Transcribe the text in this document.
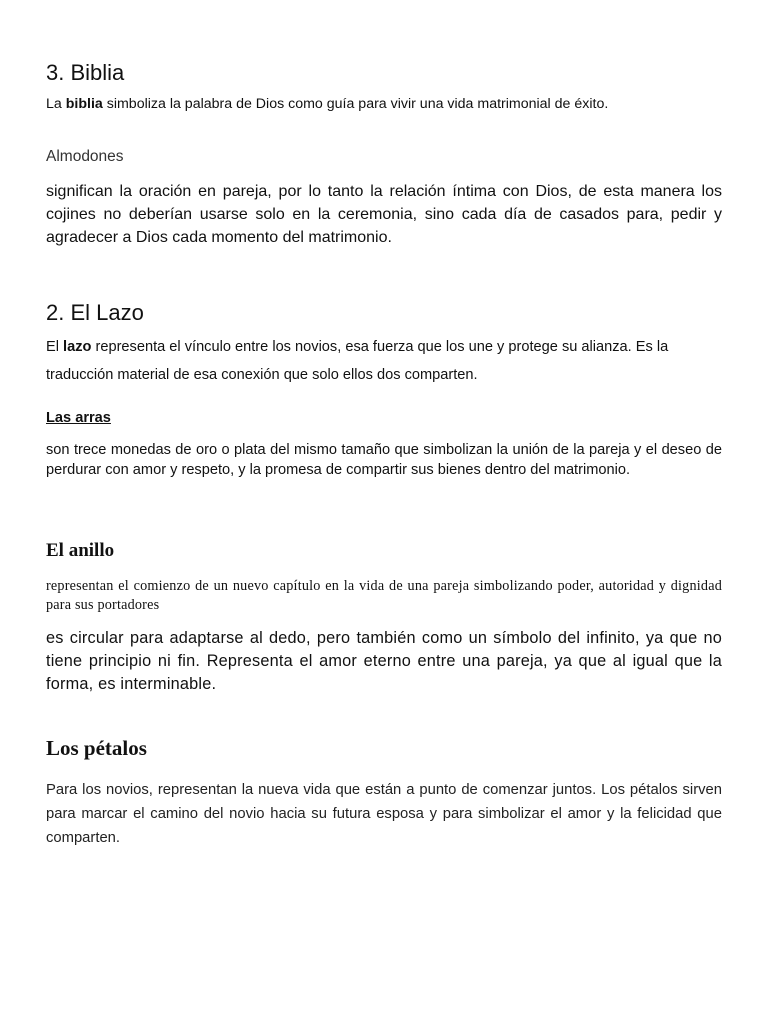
3. Biblia

La biblia simboliza la palabra de Dios como guía para vivir una vida matrimonial de éxito.

Almodones

significan la oración en pareja, por lo tanto la relación íntima con Dios, de esta manera los cojines no deberían usarse solo en la ceremonia, sino cada día de casados para, pedir y agradecer a Dios cada momento del matrimonio.

2. El Lazo

El lazo representa el vínculo entre los novios, esa fuerza que los une y protege su alianza. Es la traducción material de esa conexión que solo ellos dos comparten.

Las arras

son trece monedas de oro o plata del mismo tamaño que simbolizan la unión de la pareja y el deseo de perdurar con amor y respeto, y la promesa de compartir sus bienes dentro del matrimonio.

El anillo

representan el comienzo de un nuevo capítulo en la vida de una pareja simbolizando poder, autoridad y dignidad para sus portadores

es circular para adaptarse al dedo, pero también como un símbolo del infinito, ya que no tiene principio ni fin. Representa el amor eterno entre una pareja, ya que al igual que la forma, es interminable.

Los pétalos

Para los novios, representan la nueva vida que están a punto de comenzar juntos. Los pétalos sirven para marcar el camino del novio hacia su futura esposa y para simbolizar el amor y la felicidad que comparten.
